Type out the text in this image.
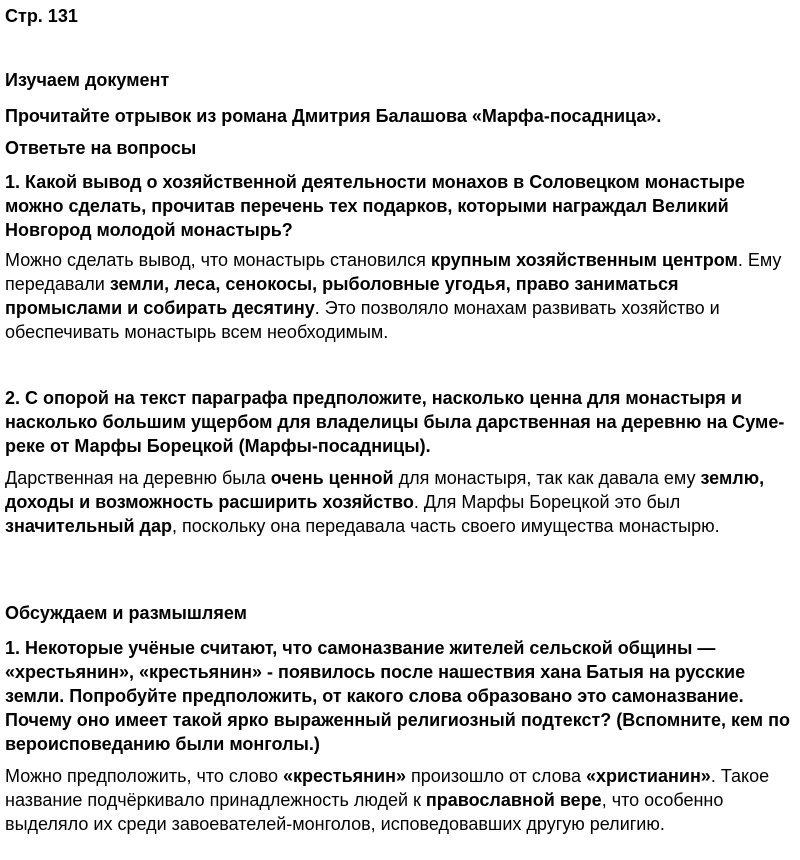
Стр. 131

Изучаем документ

Прочитайте отрывок из романа Дмитрия Балашова «Марфа-посадница».

Ответьте на вопросы

1. Какой вывод о хозяйственной деятельности монахов в Соловецком монастыре можно сделать, прочитав перечень тех подарков, которыми награждал Великий Новгород молодой монастырь?

Можно сделать вывод, что монастырь становился крупным хозяйственным центром. Ему передавали земли, леса, сенокосы, рыболовные угодья, право заниматься промыслами и собирать десятину. Это позволяло монахам развивать хозяйство и обеспечивать монастырь всем необходимым.

2. С опорой на текст параграфа предположите, насколько ценна для монастыря и насколько большим ущербом для владелицы была дарственная на деревню на Суме-реке от Марфы Борецкой (Марфы-посадницы).

Дарственная на деревню была очень ценной для монастыря, так как давала ему землю, доходы и возможность расширить хозяйство. Для Марфы Борецкой это был значительный дар, поскольку она передавала часть своего имущества монастырю.

Обсуждаем и размышляем

1. Некоторые учёные считают, что самоназвание жителей сельской общины — «хрестьянин», «крестьянин» - появилось после нашествия хана Батыя на русские земли. Попробуйте предположить, от какого слова образовано это самоназвание. Почему оно имеет такой ярко выраженный религиозный подтекст? (Вспомните, кем по вероисповеданию были монголы.)

Можно предположить, что слово «крестьянин» произошло от слова «христианин». Такое название подчёркивало принадлежность людей к православной вере, что особенно выделяло их среди завоевателей-монголов, исповедовавших другую религию.
